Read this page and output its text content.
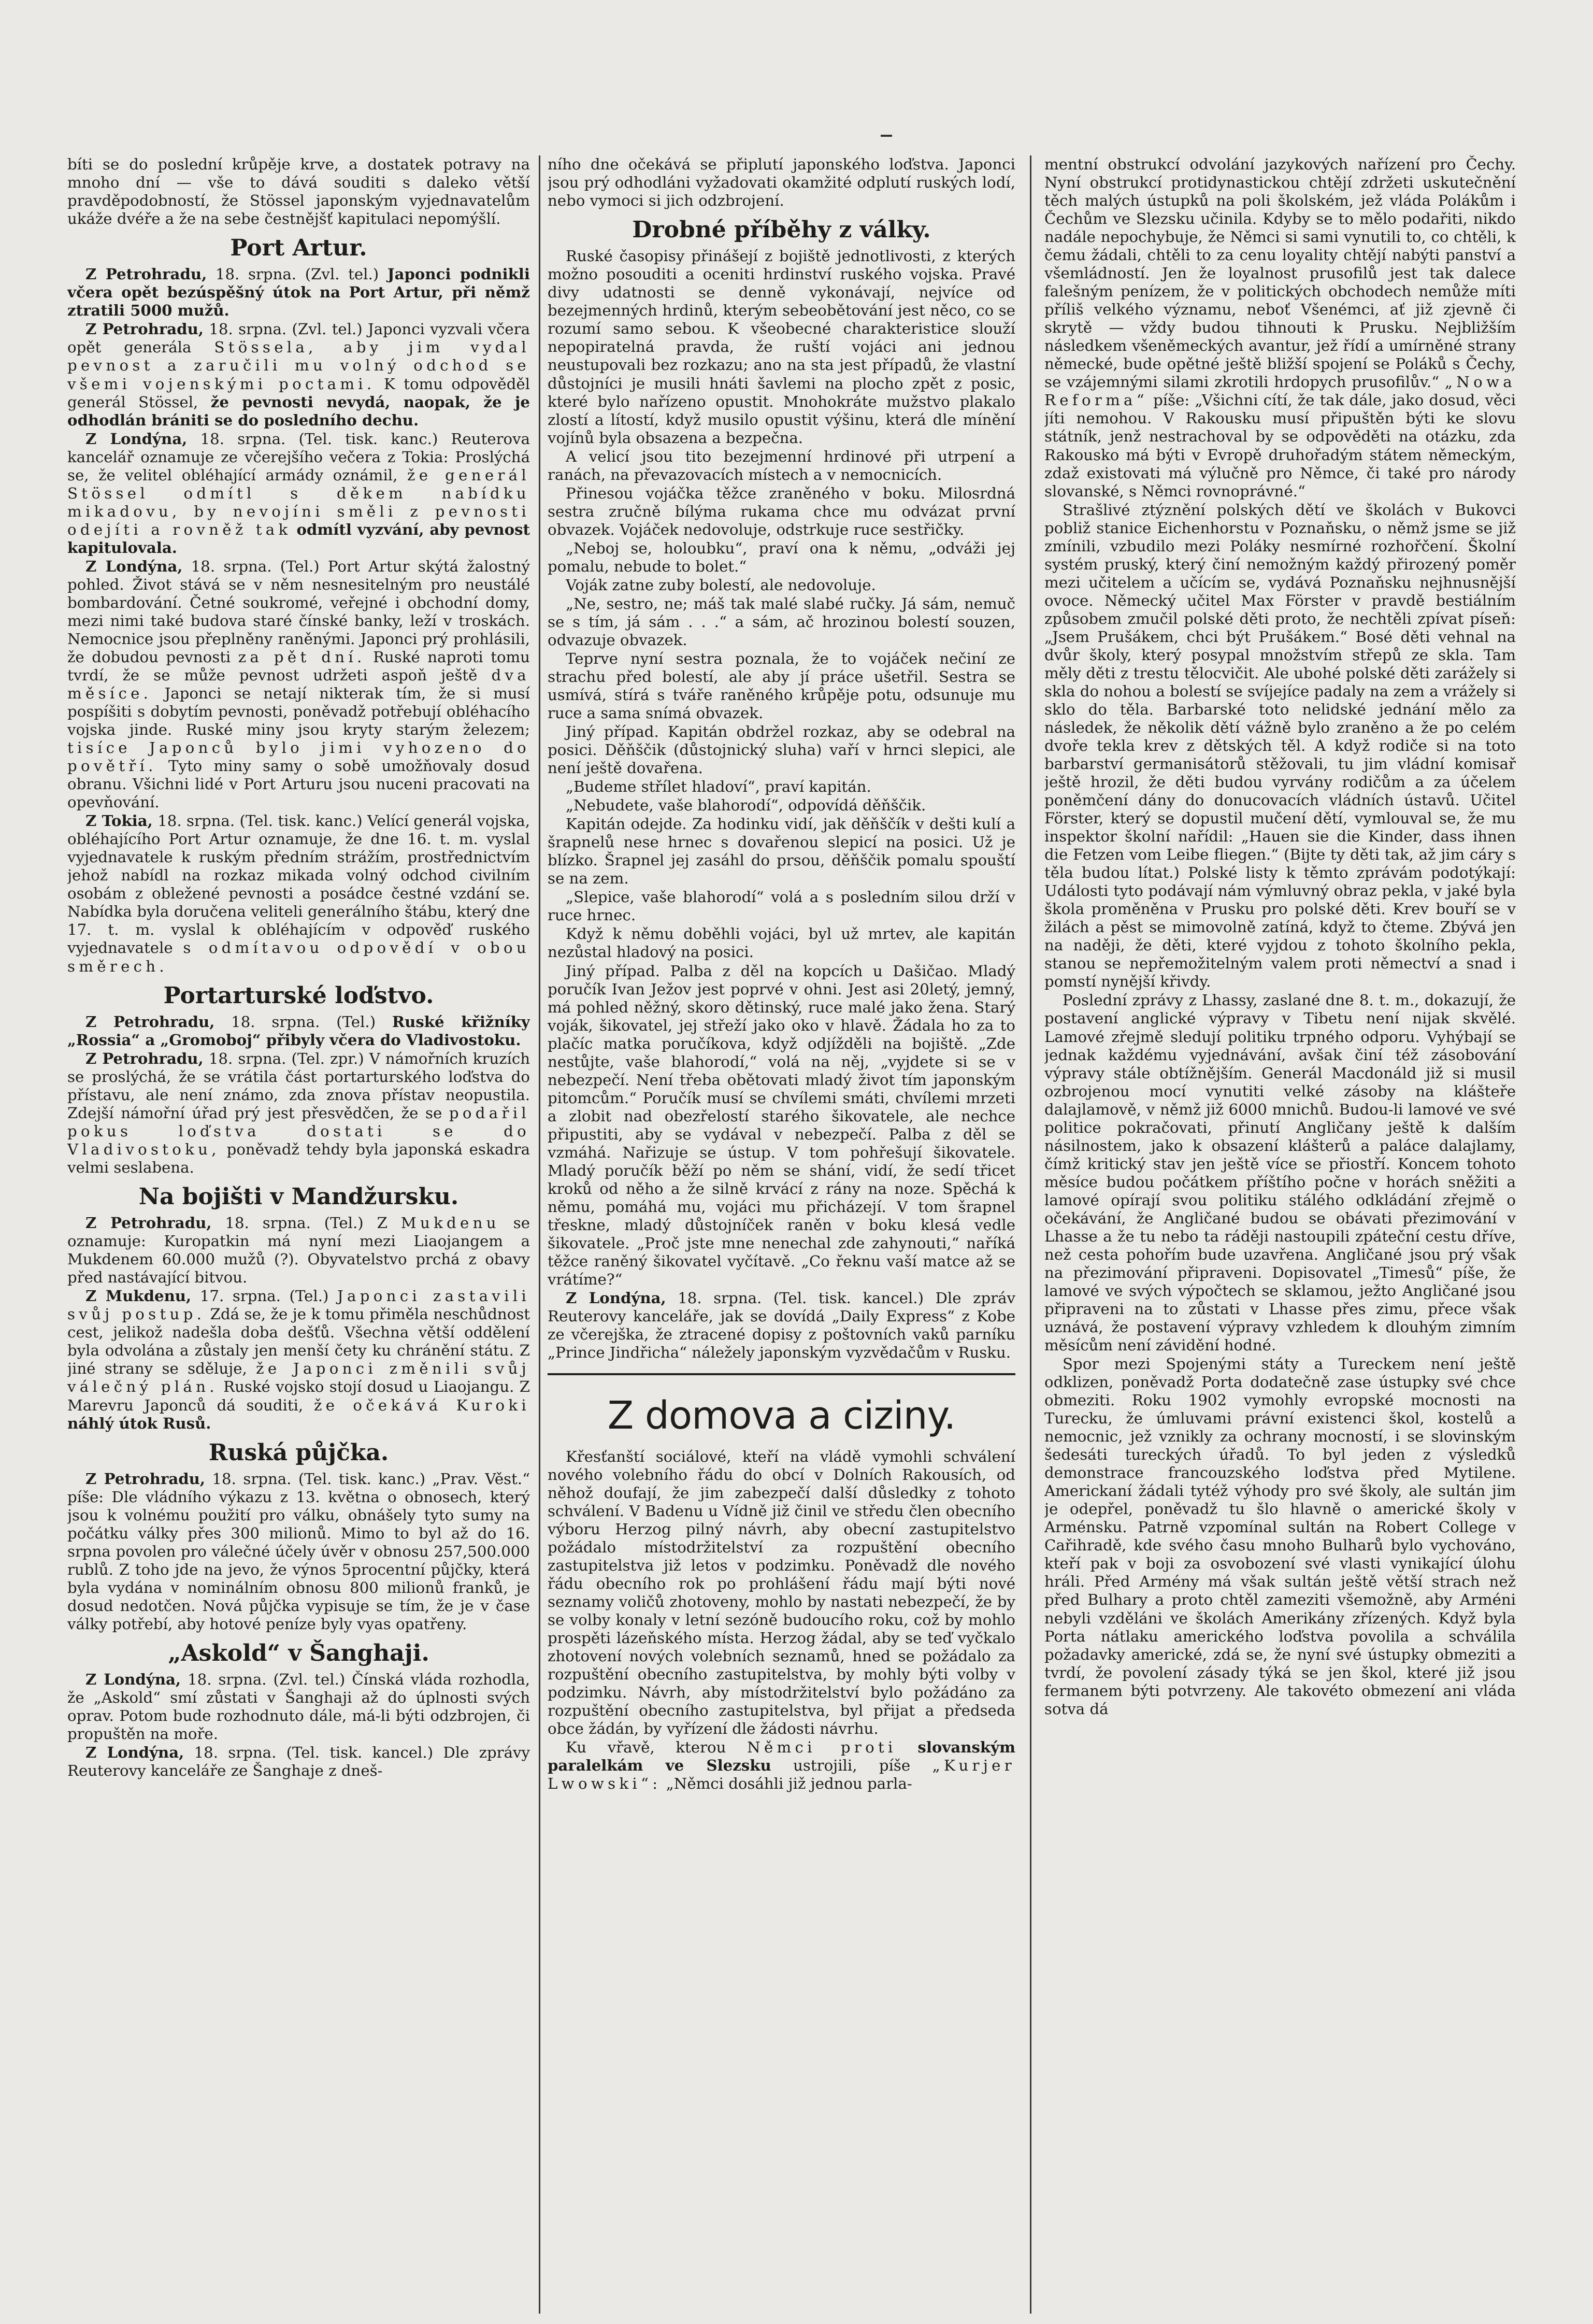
bíti se do poslední krůpěje krve, a dostatek potravy na mnoho dní — vše to dává souditi s daleko větší pravděpodobností, že Stössel japonským vyjednavatelům ukáže dvéře a že na sebe čestnějšť kapitulaci nepomýšlí.

Port Artur.

Z Petrohradu, 18. srpna. (Zvl. tel.) Japonci podnikli včera opět bezúspěšný útok na Port Artur, při němž ztratili 5000 mužů.

Z Petrohradu, 18. srpna. (Zvl. tel.) Japonci vyzvali včera opět generála Stössela, aby jim vydal pevnost a zaručili mu volný odchod se všemi vojenskými poctami. K tomu odpověděl generál Stössel, že pevnosti nevydá, naopak, že je odhodlán brániti se do posledního dechu.

Z Londýna, 18. srpna. (Tel. tisk. kanc.) Reuterova kancelář oznamuje ze včerejšího večera z Tokia: Proslýchá se, že velitel obléhající armády oznámil, že generál Stössel odmítl s děkem nabídku mikadovu, by nevojíni směli z pevnosti odejíti a rovněž tak odmítl vyzvání, aby pevnost kapitulovala.

Z Londýna, 18. srpna. (Tel.) Port Artur skýtá žalostný pohled. Život stává se v něm nesnesitelným pro neustálé bombardování. Četné soukromé, veřejné i obchodní domy, mezi nimi také budova staré čínské banky, leží v troskách. Nemocnice jsou přeplněny raněnými. Japonci prý prohlásili, že dobudou pevnosti za pět dní. Ruské naproti tomu tvrdí, že se může pevnost udržeti aspoň ještě dva měsíce. Japonci se netají nikterak tím, že si musí pospíšiti s dobytím pevnosti, poněvadž potřebují obléhacího vojska jinde. Ruské miny jsou kryty starým železem; tisíce Japonců bylo jimi vyhozeno do povětří. Tyto miny samy o sobě umožňovaly dosud obranu. Všichni lidé v Port Arturu jsou nuceni pracovati na opevňování.

Z Tokia, 18. srpna. (Tel. tisk. kanc.) Velící generál vojska, obléhajícího Port Artur oznamuje, že dne 16. t. m. vyslal vyjednavatele k ruským předním strážím, prostřednictvím jehož nabídl na rozkaz mikada volný odchod civilním osobám z obležené pevnosti a posádce čestné vzdání se. Nabídka byla doručena veliteli generálního štábu, který dne 17. t. m. vyslal k obléhajícím v odpověď ruského vyjednavatele s odmítavou odpovědí v obou směrech.

Portarturské loďstvo.

Z Petrohradu, 18. srpna. (Tel.) Ruské křižníky „Rossia“ a „Gromoboj“ přibyly včera do Vladivostoku.

Z Petrohradu, 18. srpna. (Tel. zpr.) V námořních kruzích se proslýchá, že se vrátila část portarturského loďstva do přístavu, ale není známo, zda znova přístav neopustila. Zdejší námořní úřad prý jest přesvědčen, že se podařil pokus loďstva dostati se do Vladivostoku, poněvadž tehdy byla japonská eskadra velmi seslabena.

Na bojišti v Mandžursku.

Z Petrohradu, 18. srpna. (Tel.) Z Mukdenu se oznamuje: Kuropatkin má nyní mezi Liaojangem a Mukdenem 60.000 mužů (?). Obyvatelstvo prchá z obavy před nastávající bitvou.

Z Mukdenu, 17. srpna. (Tel.) Japonci zastavili svůj postup. Zdá se, že je k tomu přiměla neschůdnost cest, jelikož nadešla doba dešťů. Všechna větší oddělení byla odvolána a zůstaly jen menší čety ku chránění státu. Z jiné strany se sděluje, že Japonci změnili svůj válečný plán. Ruské vojsko stojí dosud u Liaojangu. Z Marevru Japonců dá souditi, že očekává Kuroki náhlý útok Rusů.

Ruská půjčka.

Z Petrohradu, 18. srpna. (Tel. tisk. kanc.) „Prav. Věst.“ píše: Dle vládního výkazu z 13. května o obnosech, který jsou k volnému použití pro válku, obnášely tyto sumy na počátku války přes 300 milionů. Mimo to byl až do 16. srpna povolen pro válečné účely úvěr v obnosu 257,500.000 rublů. Z toho jde na jevo, že výnos 5procentní půjčky, která byla vydána v nominálním obnosu 800 milionů franků, je dosud nedotčen. Nová půjčka vypisuje se tím, že je v čase války potřebí, aby hotové peníze byly vyas opatřeny.

„Askold“ v Šanghaji.

Z Londýna, 18. srpna. (Zvl. tel.) Čínská vláda rozhodla, že „Askold“ smí zůstati v Šanghaji až do úplnosti svých oprav. Potom bude rozhodnuto dále, má-li býti odzbrojen, či propuštěn na moře.

Z Londýna, 18. srpna. (Tel. tisk. kancel.) Dle zprávy Reuterovy kanceláře ze Šanghaje z dneš-

ního dne očekává se připlutí japonského loďstva. Japonci jsou prý odhodláni vyžadovati okamžité odplutí ruských lodí, nebo vymoci si jich odzbrojení.

Drobné příběhy z války.

Ruské časopisy přinášejí z bojiště jednotlivosti, z kterých možno posouditi a oceniti hrdinství ruského vojska. Pravé divy udatnosti se denně vykonávají, nejvíce od bezejmenných hrdinů, kterým sebeobětování jest něco, co se rozumí samo sebou. K všeobecné charakteristice slouží nepopiratelná pravda, že ruští vojáci ani jednou neustupovali bez rozkazu; ano na sta jest případů, že vlastní důstojníci je musili hnáti šavlemi na plocho zpět z posic, které bylo nařízeno opustit. Mnohokráte mužstvo plakalo zlostí a lítostí, když musilo opustit výšinu, která dle mínění vojínů byla obsazena a bezpečna.

A velicí jsou tito bezejmenní hrdinové při utrpení a ranách, na převazovacích místech a v nemocnicích.

Přinesou vojáčka těžce zraněného v boku. Milosrdná sestra zručně bílýma rukama chce mu odvázat první obvazek. Vojáček nedovoluje, odstrkuje ruce sestřičky.

„Neboj se, holoubku“, praví ona k němu, „odváži jej pomalu, nebude to bolet.“

Voják zatne zuby bolestí, ale nedovoluje.

„Ne, sestro, ne; máš tak malé slabé ručky. Já sám, nemuč se s tím, já sám . . .“ a sám, ač hrozinou bolestí souzen, odvazuje obvazek.

Teprve nyní sestra poznala, že to vojáček nečiní ze strachu před bolestí, ale aby jí práce ušetřil. Sestra se usmívá, stírá s tváře raněného krůpěje potu, odsunuje mu ruce a sama snímá obvazek.

Jiný případ. Kapitán obdržel rozkaz, aby se odebral na posici. Děňščik (důstojnický sluha) vaří v hrnci slepici, ale není ještě dovařena.

„Budeme střílet hladoví“, praví kapitán.

„Nebudete, vaše blahorodí“, odpovídá děňščik.

Kapitán odejde. Za hodinku vidí, jak děňščík v dešti kulí a šrapnelů nese hrnec s dovařenou slepicí na posici. Už je blízko. Šrapnel jej zasáhl do prsou, děňščik pomalu spouští se na zem.

„Slepice, vaše blahorodí“ volá a s posledním silou drží v ruce hrnec.

Když k němu doběhli vojáci, byl už mrtev, ale kapitán nezůstal hladový na posici.

Jiný případ. Palba z děl na kopcích u Dašičao. Mladý poručík Ivan Ježov jest poprvé v ohni. Jest asi 20letý, jemný, má pohled něžný, skoro dětinský, ruce malé jako žena. Starý voják, šikovatel, jej střeží jako oko v hlavě. Žádala ho za to plačíc matka poručíkova, když odjížděli na bojiště. „Zde nestůjte, vaše blahorodí,“ volá na něj, „vyjdete si se v nebezpečí. Není třeba obětovati mladý život tím japonským pitomcům.“ Poručík musí se chvílemi smáti, chvílemi mrzeti a zlobit nad obezřelostí starého šikovatele, ale nechce připustiti, aby se vydával v nebezpečí. Palba z děl se vzmáhá. Nařizuje se ústup. V tom pohřešují šikovatele. Mladý poručík běží po něm se shání, vidí, že sedí třicet kroků od něho a že silně krvácí z rány na noze. Spěchá k němu, pomáhá mu, vojáci mu přicházejí. V tom šrapnel třeskne, mladý důstojníček raněn v boku klesá vedle šikovatele. „Proč jste mne nenechal zde zahynouti,“ naříká těžce raněný šikovatel vyčítavě. „Co řeknu vaší matce až se vrátíme?“

Z Londýna, 18. srpna. (Tel. tisk. kancel.) Dle zpráv Reuterovy kanceláře, jak se dovídá „Daily Express“ z Kobe ze včerejška, že ztracené dopisy z poštovních vaků parníku „Prince Jindřicha“ náležely japonským vyzvědačům v Rusku.

Z domova a ciziny.

Křesťanští sociálové, kteří na vládě vymohli schválení nového volebního řádu do obcí v Dolních Rakousích, od něhož doufají, že jim zabezpečí další důsledky z tohoto schválení. V Badenu u Vídně již činil ve středu člen obecního výboru Herzog pilný návrh, aby obecní zastupitelstvo požádalo místodržitelství za rozpuštění obecního zastupitelstva již letos v podzimku. Poněvadž dle nového řádu obecního rok po prohlášení řádu mají býti nové seznamy voličů zhotoveny, mohlo by nastati nebezpečí, že by se volby konaly v letní sezóně budoucího roku, což by mohlo prospěti lázeňského místa. Herzog žádal, aby se teď vyčkalo zhotovení nových volebních seznamů, hned se požádalo za rozpuštění obecního zastupitelstva, by mohly býti volby v podzimku. Návrh, aby místodržitelství bylo požádáno za rozpuštění obecního zastupitelstva, byl přijat a předseda obce žádán, by vyřízení dle žádosti návrhu.

Ku vřavě, kterou Němci proti slovanským paralelkám ve Slezsku ustrojili, píše „Kurjer Lwowski“: „Němci dosáhli již jednou parla-

mentní obstrukcí odvolání jazykových nařízení pro Čechy. Nyní obstrukcí protidynastickou chtějí zdržeti uskutečnění těch malých ústupků na poli školském, jež vláda Polákům i Čechům ve Slezsku učinila. Kdyby se to mělo podařiti, nikdo nadále nepochybuje, že Němci si sami vynutili to, co chtěli, k čemu žádali, chtěli to za cenu loyality chtějí nabýti panství a všemládností. Jen že loyalnost prusofilů jest tak dalece falešným penízem, že v politických obchodech nemůže míti příliš velkého významu, neboť Všenémci, ať již zjevně či skrytě — vždy budou tihnouti k Prusku. Nejbližším následkem všeněmeckých avantur, jež řídí a umírněné strany německé, bude opětné ještě bližší spojení se Poláků s Čechy, se vzájemnými silami zkrotili hrdopych prusofilův.“ „Nowa Reforma“ píše: „Všichni cítí, že tak dále, jako dosud, věci jíti nemohou. V Rakousku musí připuštěn býti ke slovu státník, jenž nestrachoval by se odpověděti na otázku, zda Rakousko má býti v Evropě druhořadým státem německým, zdaž existovati má výlučně pro Němce, či také pro národy slovanské, s Němci rovnoprávné.“

Strašlivé ztýznění polských dětí ve školách v Bukovci pobliž stanice Eichenhorstu v Poznaňsku, o němž jsme se již zmínili, vzbudilo mezi Poláky nesmírné rozhořčení. Školní systém pruský, který činí nemožným každý přirozený poměr mezi učitelem a učícím se, vydává Poznaňsku nejhnusnější ovoce. Německý učitel Max Förster v pravdě bestiálním způsobem zmučil polské děti proto, že nechtěli zpívat píseň: „Jsem Prušákem, chci být Prušákem.“ Bosé děti vehnal na dvůr školy, který posypal množstvím střepů ze skla. Tam měly děti z trestu tělocvičit. Ale ubohé polské děti zarážely si skla do nohou a bolestí se svíjejíce padaly na zem a vrážely si sklo do těla. Barbarské toto nelidské jednání mělo za následek, že několik dětí vážně bylo zraněno a že po celém dvoře tekla krev z dětských těl. A když rodiče si na toto barbarství germanisátorů stěžovali, tu jim vládní komisař ještě hrozil, že děti budou vyrvány rodičům a za účelem poněmčení dány do donucovacích vládních ústavů. Učitel Förster, který se dopustil mučení dětí, vymlouval se, že mu inspektor školní nařídil: „Hauen sie die Kinder, dass ihnen die Fetzen vom Leibe fliegen.“ (Bijte ty děti tak, až jim cáry s těla budou lítat.) Polské listy k těmto zprávám podotýkají: Události tyto podávají nám výmluvný obraz pekla, v jaké byla škola proměněna v Prusku pro polské děti. Krev bouří se v žilách a pěst se mimovolně zatíná, když to čteme. Zbývá jen na naději, že děti, které vyjdou z tohoto školního pekla, stanou se nepřemožitelným valem proti němectví a snad i pomstí nynější křivdy.

Poslední zprávy z Lhassy, zaslané dne 8. t. m., dokazují, že postavení anglické výpravy v Tibetu není nijak skvělé. Lamové zřejmě sledují politiku trpného odporu. Vyhýbají se jednak každému vyjednávání, avšak činí též zásobování výpravy stále obtížnějším. Generál Macdonáld již si musil ozbrojenou mocí vynutiti velké zásoby na klášteře dalajlamově, v němž již 6000 mnichů. Budou-li lamové ve své politice pokračovati, přinutí Angličany ještě k dalším násilnostem, jako k obsazení klášterů a paláce dalajlamy, čímž kritický stav jen ještě více se přiostří. Koncem tohoto měsíce budou počátkem příštího počne v horách sněžiti a lamové opírají svou politiku stálého odkládání zřejmě o očekávání, že Angličané budou se obávati přezimování v Lhasse a že tu nebo ta ráději nastoupili zpáteční cestu dříve, než cesta pohořím bude uzavřena. Angličané jsou prý však na přezimování připraveni. Dopisovatel „Timesů“ píše, že lamové ve svých výpočtech se sklamou, ježto Angličané jsou připraveni na to zůstati v Lhasse přes zimu, přece však uznává, že postavení výpravy vzhledem k dlouhým zimním měsícům není závidění hodné.

Spor mezi Spojenými státy a Tureckem není ještě odklizen, poněvadž Porta dodatečně zase ústupky své chce obmeziti. Roku 1902 vymohly evropské mocnosti na Turecku, že úmluvami právní existenci škol, kostelů a nemocnic, jež vznikly za ochrany mocností, i se slovinským šedesáti tureckých úřadů. To byl jeden z výsledků demonstrace francouzského loďstva před Mytilene. Americkaní žádali tytéž výhody pro své školy, ale sultán jim je odepřel, poněvadž tu šlo hlavně o americké školy v Arménsku. Patrně vzpomínal sultán na Robert College v Cařihradě, kde svého času mnoho Bulharů bylo vychováno, kteří pak v boji za osvobození své vlasti vynikající úlohu hráli. Před Armény má však sultán ještě větší strach než před Bulhary a proto chtěl zameziti všemožně, aby Arméni nebyli vzděláni ve školách Amerikány zřízených. Když byla Porta nátlaku amerického loďstva povolila a schválila požadavky americké, zdá se, že nyní své ústupky obmeziti a tvrdí, že povolení zásady týká se jen škol, které již jsou fermanem býti potvrzeny. Ale takovéto obmezení ani vláda sotva dá
